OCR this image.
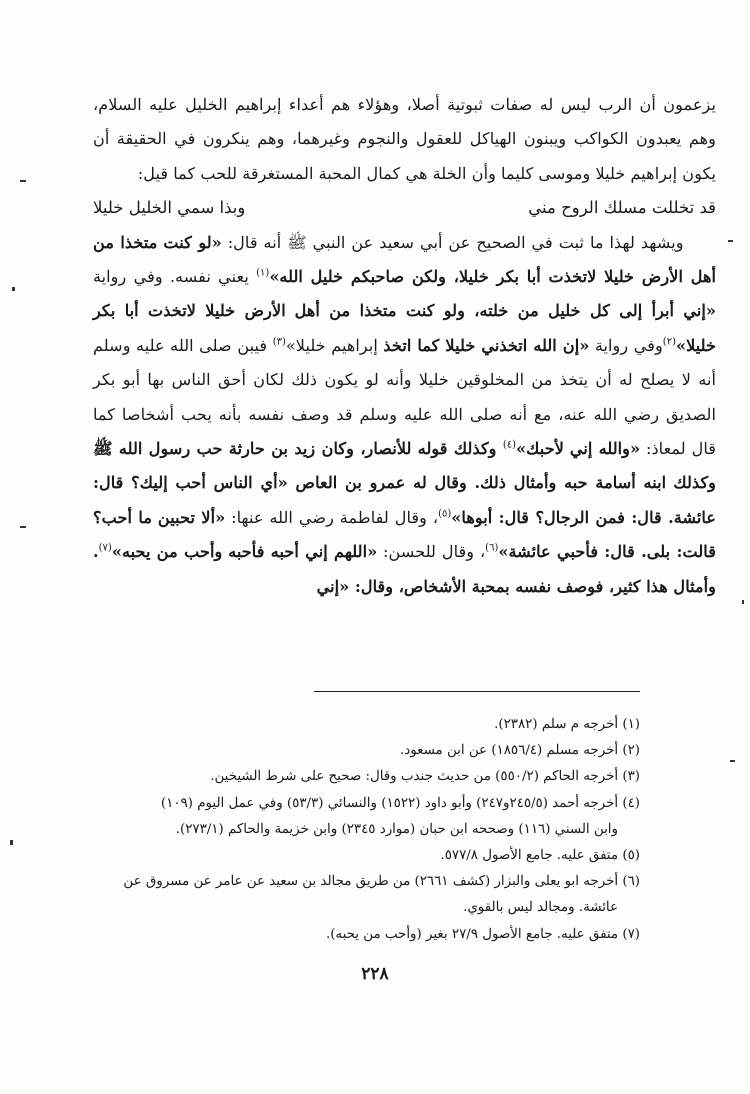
يزعمون أن الرب ليس له صفات ثبوتية أصلا، وهؤلاء هم أعداء إبراهيم الخليل عليه السلام، وهم يعبدون الكواكب ويبنون الهياكل للعقول والنجوم وغيرهما، وهم ينكرون في الحقيقة أن يكون إبراهيم خليلا وموسى كليما وأن الخلة هي كمال المحبة المستغرقة للحب كما قيل:

قد تخللت مسلك الروح مني
وبذا سمي الخليل خليلا

  ويشهد لهذا ما ثبت في الصحيح عن أبي سعيد عن النبي ﷺ أنه قال: «لو كنت متخذا من أهل الأرض خليلا لاتخذت أبا بكر خليلا، ولكن صاحبكم خليل الله»$^{(١)}$ يعني نفسه. وفي رواية «إني أبرأ إلى كل خليل من خلته، ولو كنت متخذا من أهل الأرض خليلا لاتخذت أبا بكر خليلا»$^{(٢)}$وفي رواية «إن الله اتخذني خليلا كما اتخذ إبراهيم خليلا»$^{(٣)}$ فيبن صلى الله عليه وسلم أنه لا يصلح له أن يتخذ من المخلوقين خليلا وأنه لو يكون ذلك لكان أحق الناس بها أبو بكر الصديق رضي الله عنه، مع أنه صلى الله عليه وسلم قد وصف نفسه بأنه يحب أشخاصا كما قال لمعاذ: «والله إني لأحبك»$^{(٤)}$ وكذلك قوله للأنصار، وكان زيد بن حارثة حب رسول الله ﷺ وكذلك ابنه أسامة حبه وأمثال ذلك. وقال له عمرو بن العاص «أي الناس أحب إليك؟ قال: عائشة. قال: فمن الرجال؟ قال: أبوها»$^{(٥)}$، وقال لفاطمة رضي الله عنها: «ألا تحبين ما أحب؟ قالت: بلى. قال: فأحبي عائشة»$^{(٦)}$، وقال للحسن: «اللهم إني أحبه فأحبه وأحب من يحبه»$^{(٧)}$. وأمثال هذا كثير، فوصف نفسه بمحبة الأشخاص، وقال: «إني

(١) أخرجه م سلم (٢٣٨٢).

(٢) أخرجه مسلم (١٨٥٦/٤) عن ابن مسعود.

(٣) أخرجه الحاكم (٥٥٠/٢) من حديث جندب وقال: صحيح على شرط الشيخين.

(٤) أخرجه أحمد (٢٤٥/٥و٢٤٧) وأبو داود (١٥٢٢) والنسائي (٥٣/٣) وفي عمل اليوم (١٠٩)

وابن السني (١١٦) وصححه ابن حبان (موارد ٢٣٤٥) وابن خزيمة والحاكم (٢٧٣/١).

(٥) متفق عليه. جامع الأصول ٥٧٧/٨.

(٦) أخرجه ابو يعلى والبزار (كشف ٢٦٦١) من طريق مجالد بن سعيد عن عامر عن مسروق عن

عائشة. ومجالد ليس بالقوي.

(٧) متفق عليه. جامع الأصول ٢٧/٩ بغير (وأحب من يحبه).

٢٢٨
